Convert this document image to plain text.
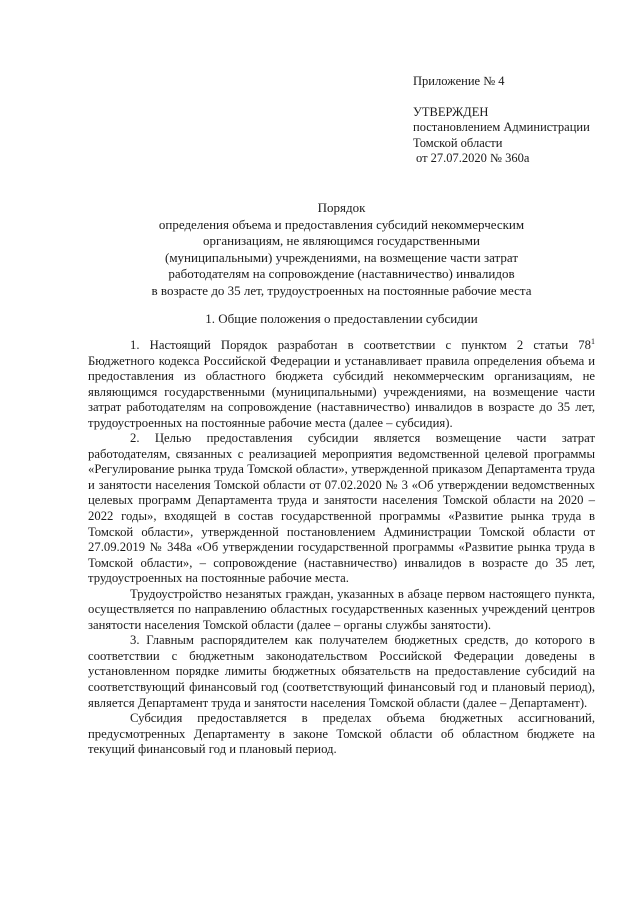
Приложение № 4
УТВЕРЖДЕН
постановлением Администрации
Томской области
от 27.07.2020 № 360а
Порядок
определения объема и предоставления субсидий некоммерческим
организациям, не являющимся государственными
(муниципальными) учреждениями, на возмещение части затрат
работодателям на сопровождение (наставничество) инвалидов
в возрасте до 35 лет, трудоустроенных на постоянные рабочие места
1. Общие положения о предоставлении субсидии

1. Настоящий Порядок разработан в соответствии с пунктом 2 статьи $78^1$ Бюджетного кодекса Российской Федерации и устанавливает правила определения объема и предоставления из областного бюджета субсидий некоммерческим организациям, не являющимся государственными (муниципальными) учреждениями, на возмещение части затрат работодателям на сопровождение (наставничество) инвалидов в возрасте до 35 лет, трудоустроенных на постоянные рабочие места (далее – субсидия).

2. Целью предоставления субсидии является возмещение части затрат работодателям, связанных с реализацией мероприятия ведомственной целевой программы «Регулирование рынка труда Томской области», утвержденной приказом Департамента труда и занятости населения Томской области от 07.02.2020 № 3 «Об утверждении ведомственных целевых программ Департамента труда и занятости населения Томской области на 2020 – 2022 годы», входящей в состав государственной программы «Развитие рынка труда в Томской области», утвержденной постановлением Администрации Томской области от 27.09.2019 № 348а «Об утверждении государственной программы «Развитие рынка труда в Томской области», – сопровождение (наставничество) инвалидов в возрасте до 35 лет, трудоустроенных на постоянные рабочие места.

Трудоустройство незанятых граждан, указанных в абзаце первом настоящего пункта, осуществляется по направлению областных государственных казенных учреждений центров занятости населения Томской области (далее – органы службы занятости).

3. Главным распорядителем как получателем бюджетных средств, до которого в соответствии с бюджетным законодательством Российской Федерации доведены в установленном порядке лимиты бюджетных обязательств на предоставление субсидий на соответствующий финансовый год (соответствующий финансовый год и плановый период), является Департамент труда и занятости населения Томской области (далее – Департамент).

Субсидия предоставляется в пределах объема бюджетных ассигнований, предусмотренных Департаменту в законе Томской области об областном бюджете на текущий финансовый год и плановый период.
